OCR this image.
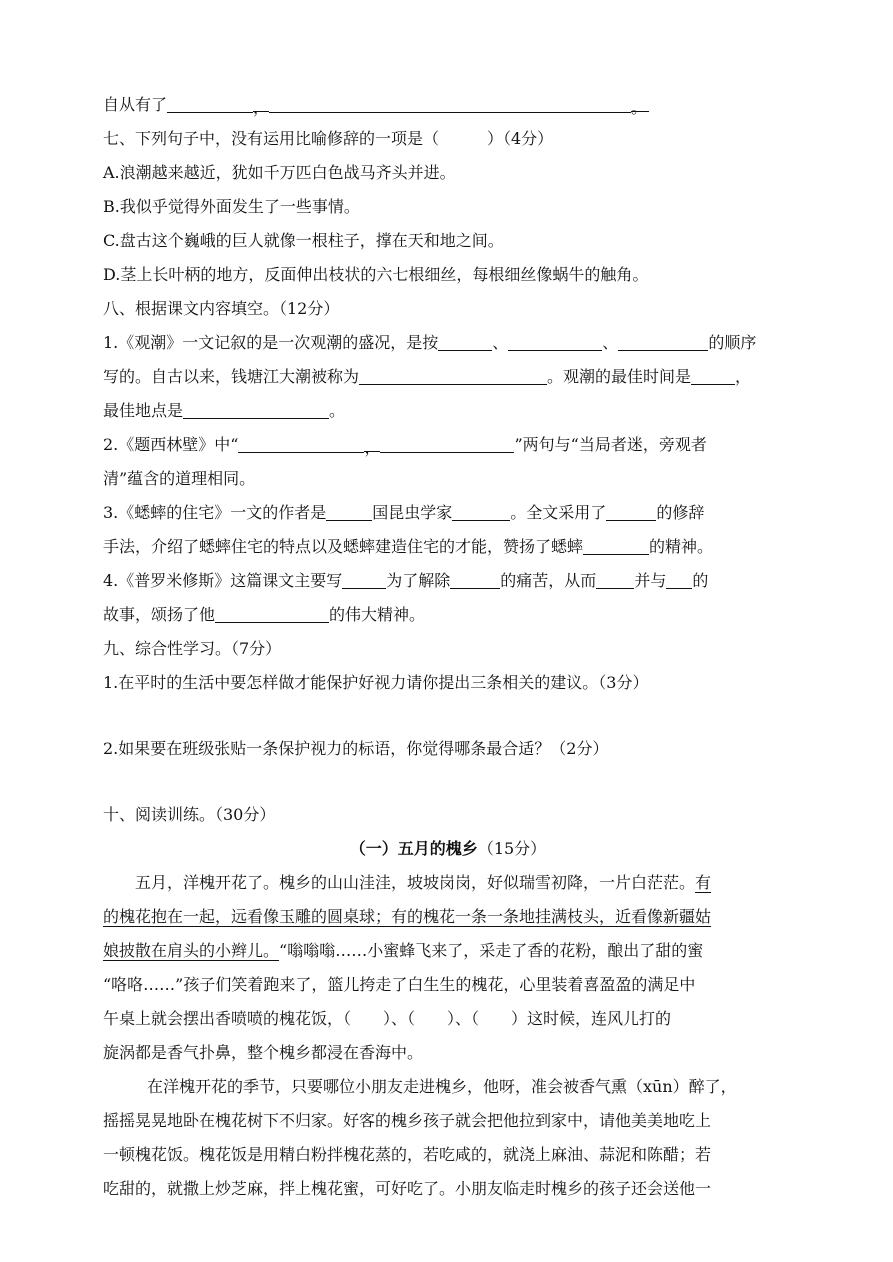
自从有了	，	。
七、下列句子中，没有运用比喻修辞的一项是（　　　）（4分）
A.浪潮越来越近，犹如千万匹白色战马齐头并进。
B.我似乎觉得外面发生了一些事情。
C.盘古这个巍峨的巨人就像一根柱子，撑在天和地之间。
D.茎上长叶柄的地方，反面伸出枝状的六七根细丝，每根细丝像蜗牛的触角。
八、根据课文内容填空。（12分）
1.《观潮》一文记叙的是一次观潮的盛况，是按	、	、	的顺序
写的。自古以来，钱塘江大潮被称为	。观潮的最佳时间是	，
最佳地点是	。
2.《题西林壁》中“	，	”两句与“当局者迷，旁观者
清”蕴含的道理相同。
3.《蟋蟀的住宅》一文的作者是	国昆虫学家	。全文采用了	的修辞
手法，介绍了蟋蟀住宅的特点以及蟋蟀建造住宅的才能，赞扬了蟋蟀	的精神。
4.《普罗米修斯》这篇课文主要写	为了解除	的痛苦，从而 并与 的
故事，颂扬了他	的伟大精神。
九、综合性学习。（7分）
1.在平时的生活中要怎样做才能保护好视力请你提出三条相关的建议。（3分）
2.如果要在班级张贴一条保护视力的标语，你觉得哪条最合适？（2分）
十、阅读训练。（30分）
（一）五月的槐乡（15分）
五月，洋槐开花了。槐乡的山山洼洼，坡坡岗岗，好似瑞雪初降，一片白茫茫。有
的槐花抱在一起，远看像玉雕的圆桌球；有的槐花一条一条地挂满枝头，近看像新疆姑
娘披散在肩头的小辫儿。“嗡嗡嗡……小蜜蜂飞来了，采走了香的花粉，酿出了甜的蜜
“咯咯……”孩子们笑着跑来了，篮儿挎走了白生生的槐花，心里装着喜盈盈的满足中
午桌上就会摆出香喷喷的槐花饭，（　　）、（　　）、（　　）这时候，连风儿打的
旋涡都是香气扑鼻，整个槐乡都浸在香海中。
在洋槐开花的季节，只要哪位小朋友走进槐乡，他呀，准会被香气熏（xūn）醉了，
摇摇晃晃地卧在槐花树下不归家。好客的槐乡孩子就会把他拉到家中，请他美美地吃上
一顿槐花饭。槐花饭是用精白粉拌槐花蒸的，若吃咸的，就浇上麻油、蒜泥和陈醋；若
吃甜的，就撒上炒芝麻，拌上槐花蜜，可好吃了。小朋友临走时槐乡的孩子还会送他一
